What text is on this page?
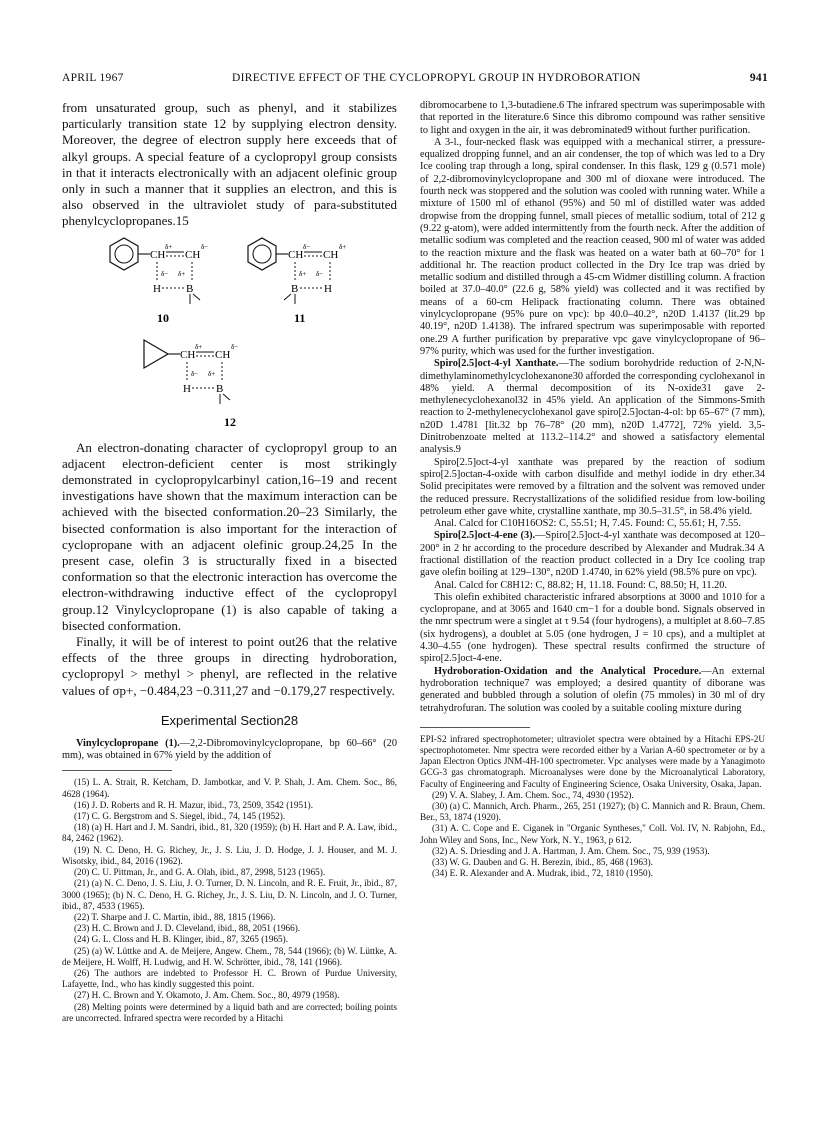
APRIL 1967	DIRECTIVE EFFECT OF THE CYCLOPROPYL GROUP IN HYDROBORATION	941

from unsaturated group, such as phenyl, and it stabilizes particularly transition state 12 by supplying electron density. Moreover, the degree of electron supply here exceeds that of alkyl groups. A special feature of a cyclopropyl group consists in that it interacts electronically with an adjacent olefinic group only in such a manner that it supplies an electron, and this is also observed in the ultraviolet study of para-substituted phenylcyclopropanes.15

CH
δ+
CH
δ−
δ− δ+
H B
10
CH
δ−
CH
δ+
δ+ δ−
B H
11
CH
δ+
CH
δ−
δ− δ+
H B
12

An electron-donating character of cyclopropyl group to an adjacent electron-deficient center is most strikingly demonstrated in cyclopropylcarbinyl cation,16–19 and recent investigations have shown that the maximum interaction can be achieved with the bisected conformation.20–23 Similarly, the bisected conformation is also important for the interaction of cyclopropane with an adjacent olefinic group.24,25 In the present case, olefin 3 is structurally fixed in a bisected conformation so that the electronic interaction has overcome the electron-withdrawing inductive effect of the cyclopropyl group.12 Vinylcyclopropane (1) is also capable of taking a bisected conformation.

Finally, it will be of interest to point out26 that the relative effects of the three groups in directing hydroboration, cyclopropyl > methyl > phenyl, are reflected in the relative values of σp+, −0.484,23 −0.311,27 and −0.179,27 respectively.

Experimental Section28

Vinylcyclopropane (1).—2,2-Dibromovinylcyclopropane, bp 60–66° (20 mm), was obtained in 67% yield by the addition of

(15) L. A. Strait, R. Ketcham, D. Jambotkar, and V. P. Shah, J. Am. Chem. Soc., 86, 4628 (1964).
(16) J. D. Roberts and R. H. Mazur, ibid., 73, 2509, 3542 (1951).
(17) C. G. Bergstrom and S. Siegel, ibid., 74, 145 (1952).
(18) (a) H. Hart and J. M. Sandri, ibid., 81, 320 (1959); (b) H. Hart and P. A. Law, ibid., 84, 2462 (1962).
(19) N. C. Deno, H. G. Richey, Jr., J. S. Liu, J. D. Hodge, J. J. Houser, and M. J. Wisotsky, ibid., 84, 2016 (1962).
(20) C. U. Pittman, Jr., and G. A. Olah, ibid., 87, 2998, 5123 (1965).
(21) (a) N. C. Deno, J. S. Liu, J. O. Turner, D. N. Lincoln, and R. E. Fruit, Jr., ibid., 87, 3000 (1965); (b) N. C. Deno, H. G. Richey, Jr., J. S. Liu, D. N. Lincoln, and J. O. Turner, ibid., 87, 4533 (1965).
(22) T. Sharpe and J. C. Martin, ibid., 88, 1815 (1966).
(23) H. C. Brown and J. D. Cleveland, ibid., 88, 2051 (1966).
(24) G. L. Closs and H. B. Klinger, ibid., 87, 3265 (1965).
(25) (a) W. Lüttke and A. de Meijere, Angew. Chem., 78, 544 (1966); (b) W. Lüttke, A. de Meijere, H. Wolff, H. Ludwig, and H. W. Schrötter, ibid., 78, 141 (1966).
(26) The authors are indebted to Professor H. C. Brown of Purdue University, Lafayette, Ind., who has kindly suggested this point.
(27) H. C. Brown and Y. Okamoto, J. Am. Chem. Soc., 80, 4979 (1958).
(28) Melting points were determined by a liquid bath and are corrected; boiling points are uncorrected. Infrared spectra were recorded by a Hitachi

dibromocarbene to 1,3-butadiene.6 The infrared spectrum was superimposable with that reported in the literature.6 Since this dibromo compound was rather sensitive to light and oxygen in the air, it was debrominated9 without further purification.

A 3-l., four-necked flask was equipped with a mechanical stirrer, a pressure-equalized dropping funnel, and an air condenser, the top of which was led to a Dry Ice cooling trap through a long, spiral condenser. In this flask, 129 g (0.571 mole) of 2,2-dibromovinylcyclopropane and 300 ml of dioxane were introduced. The fourth neck was stoppered and the solution was cooled with running water. While a mixture of 1500 ml of ethanol (95%) and 50 ml of distilled water was added dropwise from the dropping funnel, small pieces of metallic sodium, total of 212 g (9.22 g-atom), were added intermittently from the fourth neck. After the addition of metallic sodium was completed and the reaction ceased, 900 ml of water was added to the reaction mixture and the flask was heated on a water bath at 60–70° for 1 additional hr. The reaction product collected in the Dry Ice trap was dried by metallic sodium and distilled through a 45-cm Widmer distilling column. A fraction boiled at 37.0–40.0° (22.6 g, 58% yield) was collected and it was rectified by means of a 60-cm Helipack fractionating column. There was obtained vinylcyclopropane (95% pure on vpc): bp 40.0–40.2°, n20D 1.4137 (lit.29 bp 40.19°, n20D 1.4138). The infrared spectrum was superimposable with reported one.29 A further purification by preparative vpc gave vinylcyclopropane of 96–97% purity, which was used for the further investigation.

Spiro[2.5]oct-4-yl Xanthate.—The sodium borohydride reduction of 2-N,N-dimethylaminomethylcyclohexanone30 afforded the corresponding cyclohexanol in 48% yield. A thermal decomposition of its N-oxide31 gave 2-methylenecyclohexanol32 in 45% yield. An application of the Simmons-Smith reaction to 2-methylenecyclohexanol gave spiro[2.5]octan-4-ol: bp 65–67° (7 mm), n20D 1.4781 [lit.32 bp 76–78° (20 mm), n20D 1.4772], 72% yield. 3,5-Dinitrobenzoate melted at 113.2–114.2° and showed a satisfactory elemental analysis.9

Spiro[2.5]oct-4-yl xanthate was prepared by the reaction of sodium spiro[2.5]octan-4-oxide with carbon disulfide and methyl iodide in dry ether.34 Solid precipitates were removed by a filtration and the solvent was removed under the reduced pressure. Recrystallizations of the solidified residue from low-boiling petroleum ether gave white, crystalline xanthate, mp 30.5–31.5°, in 58.4% yield.

Anal. Calcd for C10H16OS2: C, 55.51; H, 7.45. Found: C, 55.61; H, 7.55.

Spiro[2.5]oct-4-ene (3).—Spiro[2.5]oct-4-yl xanthate was decomposed at 120–200° in 2 hr according to the procedure described by Alexander and Mudrak.34 A fractional distillation of the reaction product collected in a Dry Ice cooling trap gave olefin boiling at 129–130°, n20D 1.4740, in 62% yield (98.5% pure on vpc).

Anal. Calcd for C8H12: C, 88.82; H, 11.18. Found: C, 88.50; H, 11.20.

This olefin exhibited characteristic infrared absorptions at 3000 and 1010 for a cyclopropane, and at 3065 and 1640 cm−1 for a double bond. Signals observed in the nmr spectrum were a singlet at τ 9.54 (four hydrogens), a multiplet at 8.60–7.85 (six hydrogens), a doublet at 5.05 (one hydrogen, J = 10 cps), and a multiplet at 4.30–4.55 (one hydrogen). These spectral results confirmed the structure of spiro[2.5]oct-4-ene.

Hydroboration-Oxidation and the Analytical Procedure.—An external hydroboration technique7 was employed; a desired quantity of diborane was generated and bubbled through a solution of olefin (75 mmoles) in 30 ml of dry tetrahydrofuran. The solution was cooled by a suitable cooling mixture during

EPI-S2 infrared spectrophotometer; ultraviolet spectra were obtained by a Hitachi EPS-2U spectrophotometer. Nmr spectra were recorded either by a Varian A-60 spectrometer or by a Japan Electron Optics JNM-4H-100 spectrometer. Vpc analyses were made by a Yanagimoto GCG-3 gas chromatograph. Microanalyses were done by the Microanalytical Laboratory, Faculty of Engineering and Faculty of Engineering Science, Osaka University, Osaka, Japan.

(29) V. A. Slabey, J. Am. Chem. Soc., 74, 4930 (1952).
(30) (a) C. Mannich, Arch. Pharm., 265, 251 (1927); (b) C. Mannich and R. Braun, Chem. Ber., 53, 1874 (1920).
(31) A. C. Cope and E. Ciganek in "Organic Syntheses," Coll. Vol. IV, N. Rabjohn, Ed., John Wiley and Sons, Inc., New York, N. Y., 1963, p 612.
(32) A. S. Driesding and J. A. Hartman, J. Am. Chem. Soc., 75, 939 (1953).
(33) W. G. Dauben and G. H. Berezin, ibid., 85, 468 (1963).
(34) E. R. Alexander and A. Mudrak, ibid., 72, 1810 (1950).
